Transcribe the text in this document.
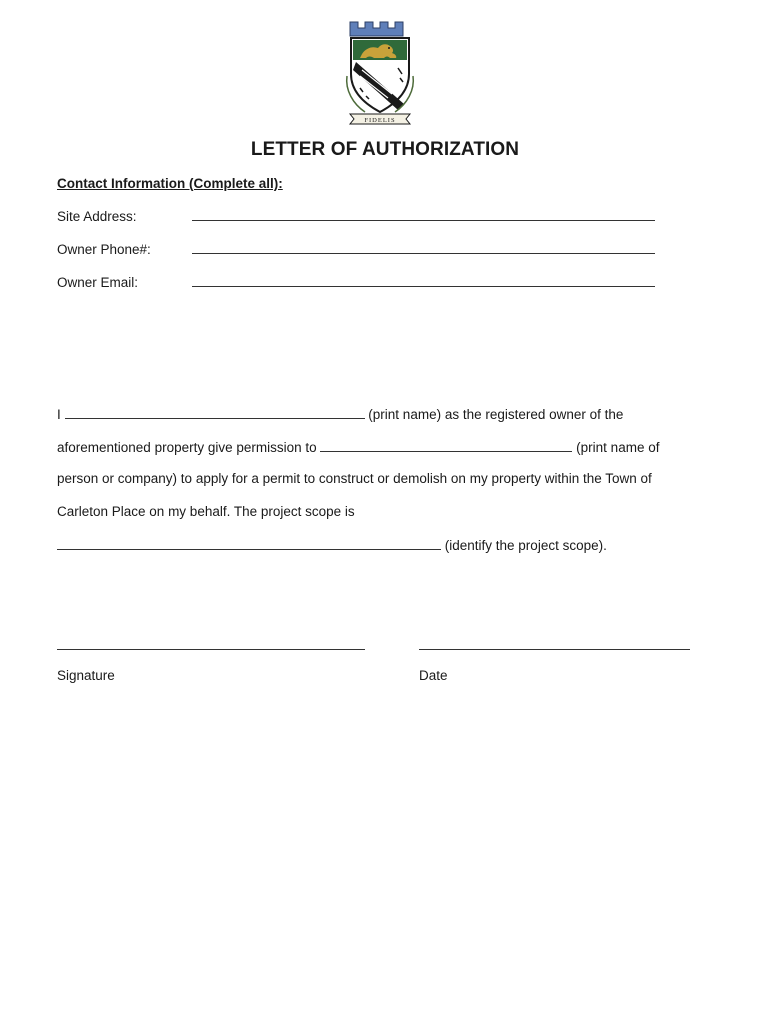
FIDELIS
LETTER OF AUTHORIZATION
Contact Information (Complete all):
Site Address:
Owner Phone#:
Owner Email:
I	(print name) as the registered owner of the
aforementioned property give permission to	(print name of
person or company) to apply for a permit to construct or demolish on my property within the Town of
Carleton Place on my behalf. The project scope is
(identify the project scope).
Signature	Date
